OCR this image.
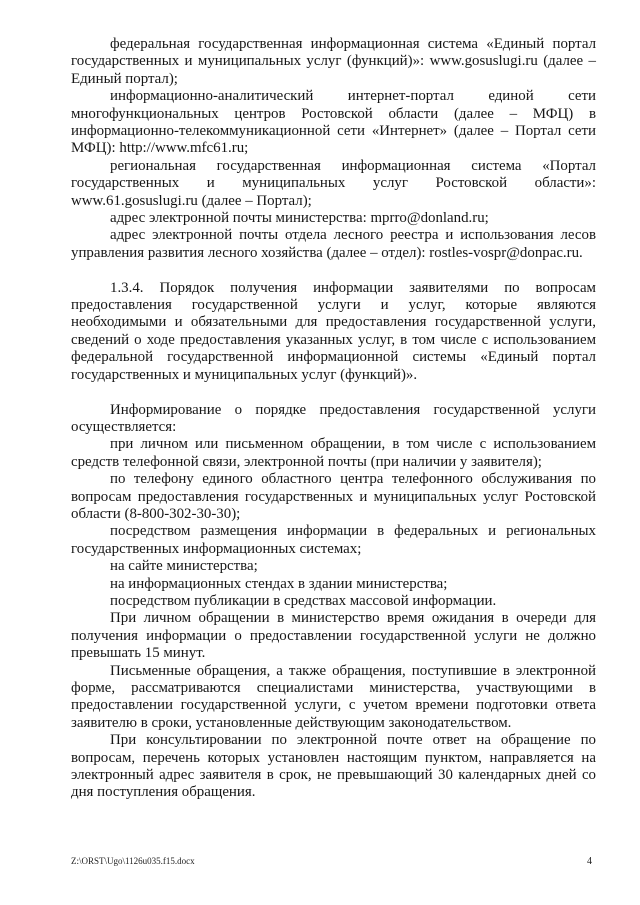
федеральная государственная информационная система «Единый портал государственных и муниципальных услуг (функций)»: www.gosuslugi.ru (далее – Единый портал);

информационно-аналитический интернет-портал единой сети многофункциональных центров Ростовской области (далее – МФЦ) в информационно-телекоммуникационной сети «Интернет» (далее – Портал сети МФЦ): http://www.mfc61.ru;

региональная государственная информационная система «Портал государственных и муниципальных услуг Ростовской области»: www.61.gosuslugi.ru (далее – Портал);

адрес электронной почты министерства: mprro@donland.ru;

адрес электронной почты отдела лесного реестра и использования лесов управления развития лесного хозяйства (далее – отдел): rostles-vospr@donpac.ru.

1.3.4. Порядок получения информации заявителями по вопросам предоставления государственной услуги и услуг, которые являются необходимыми и обязательными для предоставления государственной услуги, сведений о ходе предоставления указанных услуг, в том числе с использованием федеральной государственной информационной системы «Единый портал государственных и муниципальных услуг (функций)».

Информирование о порядке предоставления государственной услуги осуществляется:

при личном или письменном обращении, в том числе с использованием средств телефонной связи, электронной почты (при наличии у заявителя);

по телефону единого областного центра телефонного обслуживания по вопросам предоставления государственных и муниципальных услуг Ростовской области (8-800-302-30-30);

посредством размещения информации в федеральных и региональных государственных информационных системах;

на сайте министерства;

на информационных стендах в здании министерства;

посредством публикации в средствах массовой информации.

При личном обращении в министерство время ожидания в очереди для получения информации о предоставлении государственной услуги не должно превышать 15 минут.

Письменные обращения, а также обращения, поступившие в электронной форме, рассматриваются специалистами министерства, участвующими в предоставлении государственной услуги, с учетом времени подготовки ответа заявителю в сроки, установленные действующим законодательством.

При консультировании по электронной почте ответ на обращение по вопросам, перечень которых установлен настоящим пунктом, направляется на электронный адрес заявителя в срок, не превышающий 30 календарных дней со дня поступления обращения.

Z:\ORST\Ugo\1126u035.f15.docx	4
